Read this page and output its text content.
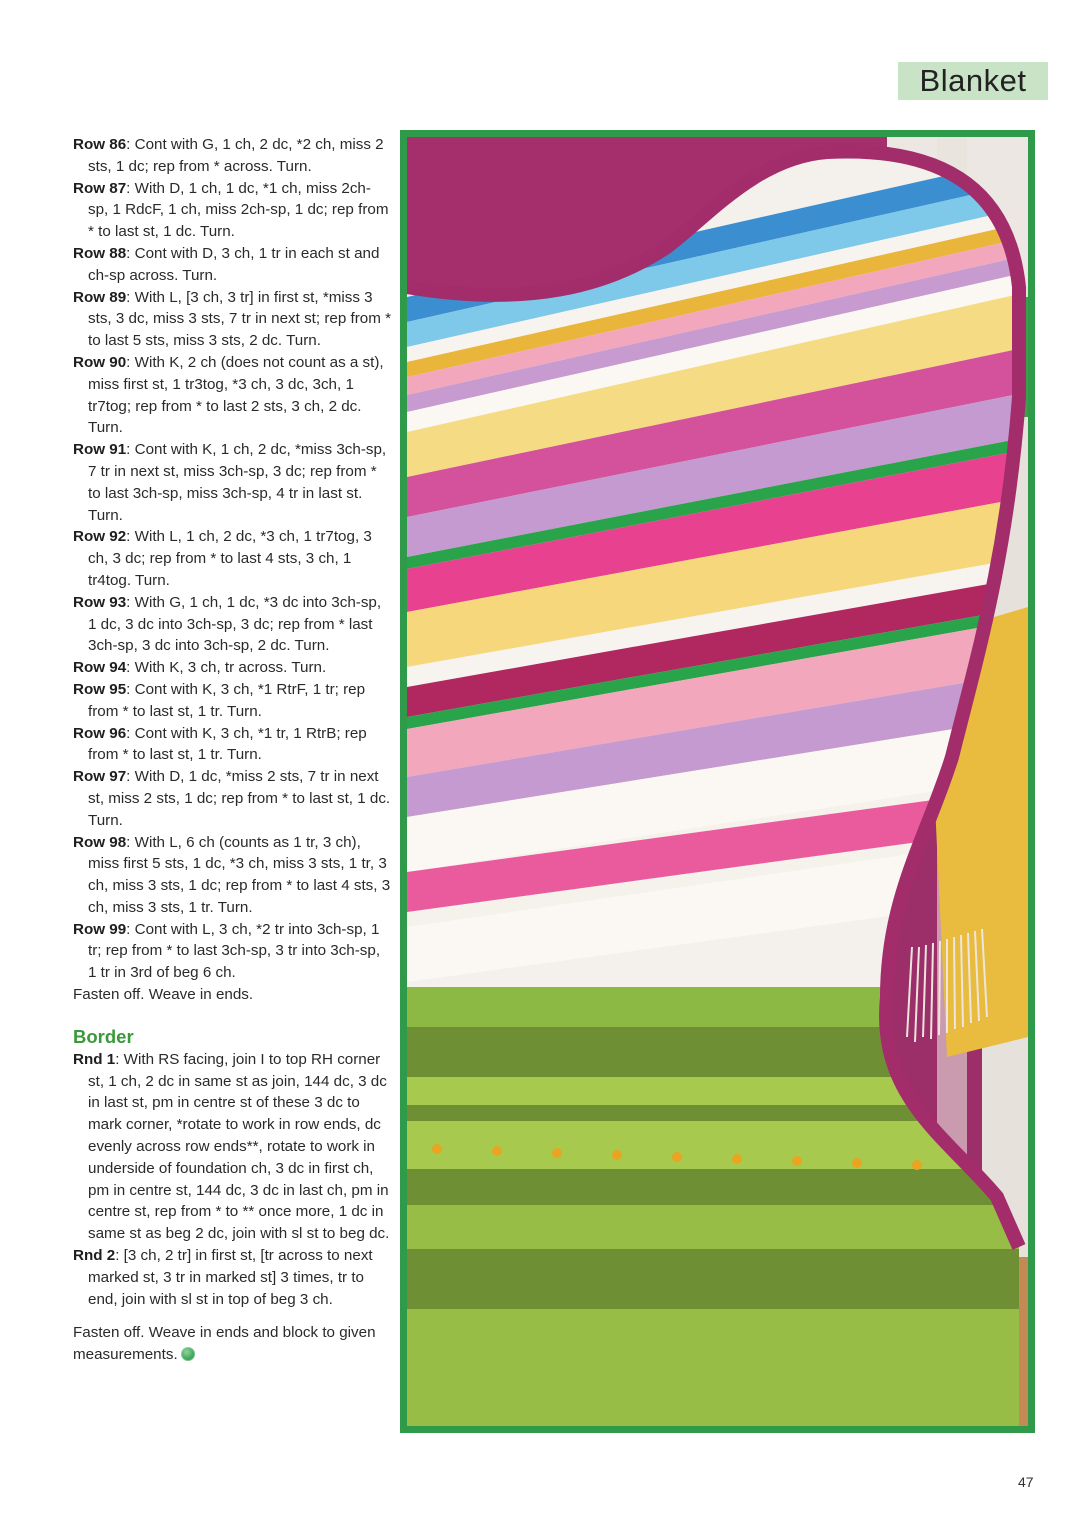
Blanket

Row 86: Cont with G, 1 ch, 2 dc, *2 ch, miss 2 sts, 1 dc; rep from * across. Turn.

Row 87: With D, 1 ch, 1 dc, *1 ch, miss 2ch-sp, 1 RdcF, 1 ch, miss 2ch-sp, 1 dc; rep from * to last st, 1 dc. Turn.

Row 88: Cont with D, 3 ch, 1 tr in each st and ch-sp across. Turn.

Row 89: With L, [3 ch, 3 tr] in first st, *miss 3 sts, 3 dc, miss 3 sts, 7 tr in next st; rep from * to last 5 sts, miss 3 sts, 2 dc. Turn.

Row 90: With K, 2 ch (does not count as a st), miss first st, 1 tr3tog, *3 ch, 3 dc, 3ch, 1 tr7tog; rep from * to last 2 sts, 3 ch, 2 dc. Turn.

Row 91: Cont with K, 1 ch, 2 dc, *miss 3ch-sp, 7 tr in next st, miss 3ch-sp, 3 dc; rep from * to last 3ch-sp, miss 3ch-sp, 4 tr in last st. Turn.

Row 92: With L, 1 ch, 2 dc, *3 ch, 1 tr7tog, 3 ch, 3 dc; rep from * to last 4 sts, 3 ch, 1 tr4tog. Turn.

Row 93: With G, 1 ch, 1 dc, *3 dc into 3ch-sp, 1 dc, 3 dc into 3ch-sp, 3 dc; rep from * last 3ch-sp, 3 dc into 3ch-sp, 2 dc. Turn.

Row 94: With K, 3 ch, tr across. Turn.

Row 95: Cont with K, 3 ch, *1 RtrF, 1 tr; rep from * to last st, 1 tr. Turn.

Row 96: Cont with K, 3 ch, *1 tr, 1 RtrB; rep from * to last st, 1 tr. Turn.

Row 97: With D, 1 dc, *miss 2 sts, 7 tr in next st, miss 2 sts, 1 dc; rep from * to last st, 1 dc. Turn.

Row 98: With L, 6 ch (counts as 1 tr, 3 ch), miss first 5 sts, 1 dc, *3 ch, miss 3 sts, 1 tr, 3 ch, miss 3 sts, 1 dc; rep from * to last 4 sts, 3 ch, miss 3 sts, 1 tr. Turn.

Row 99: Cont with L, 3 ch, *2 tr into 3ch-sp, 1 tr; rep from * to last 3ch-sp, 3 tr into 3ch-sp, 1 tr in 3rd of beg 6 ch.

Fasten off. Weave in ends.

Border

Rnd 1: With RS facing, join I to top RH corner st, 1 ch, 2 dc in same st as join, 144 dc, 3 dc in last st, pm in centre st of these 3 dc to mark corner, *rotate to work in row ends, dc evenly across row ends**, rotate to work in underside of foundation ch, 3 dc in first ch, pm in centre st, 144 dc, 3 dc in last ch, pm in centre st, rep from * to ** once more, 1 dc in same st as beg 2 dc, join with sl st to beg dc.

Rnd 2: [3 ch, 2 tr] in first st, [tr across to next marked st, 3 tr in marked st] 3 times, tr to end, join with sl st in top of beg 3 ch.

Fasten off. Weave in ends and block to given measurements.

47
